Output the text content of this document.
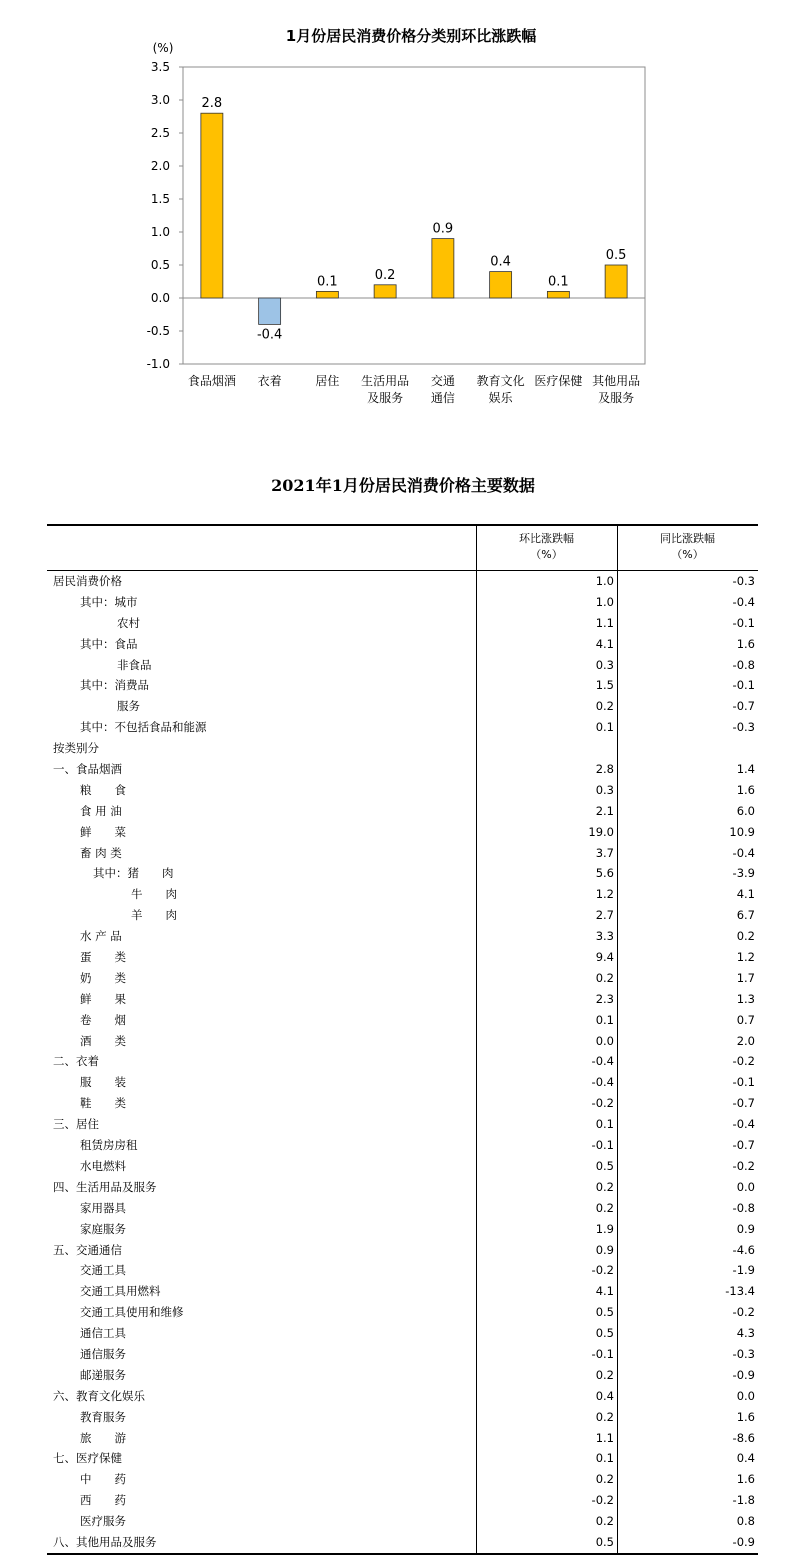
1月份居民消费价格分类别环比涨跌幅
(%)
3.5
3.0
2.5
2.0
1.5
1.0
0.5
0.0
-0.5
-1.0
2.8
食品烟酒
-0.4
衣着
0.1
居住
0.2
生活用品
及服务
0.9
交通
通信
0.4
教育文化
娱乐
0.1
医疗保健
0.5
其他用品
及服务
2021年1月份居民消费价格主要数据
环比涨跌幅
（%）
同比涨跌幅
（%）
居民消费价格	1.0	-0.3
其中：城市	1.0	-0.4
农村	1.1	-0.1
其中：食品	4.1	1.6
非食品	0.3	-0.8
其中：消费品	1.5	-0.1
服务	0.2	-0.7
其中：不包括食品和能源	0.1	-0.3
按类别分
一、食品烟酒	2.8	1.4
粮　　食	0.3	1.6
食 用 油	2.1	6.0
鲜　　菜	19.0	10.9
畜 肉 类	3.7	-0.4
其中：猪　　肉	5.6	-3.9
牛　　肉	1.2	4.1
羊　　肉	2.7	6.7
水 产 品	3.3	0.2
蛋　　类	9.4	1.2
奶　　类	0.2	1.7
鲜　　果	2.3	1.3
卷　　烟	0.1	0.7
酒　　类	0.0	2.0
二、衣着	-0.4	-0.2
服　　装	-0.4	-0.1
鞋　　类	-0.2	-0.7
三、居住	0.1	-0.4
租赁房房租	-0.1	-0.7
水电燃料	0.5	-0.2
四、生活用品及服务	0.2	0.0
家用器具	0.2	-0.8
家庭服务	1.9	0.9
五、交通通信	0.9	-4.6
交通工具	-0.2	-1.9
交通工具用燃料	4.1	-13.4
交通工具使用和维修	0.5	-0.2
通信工具	0.5	4.3
通信服务	-0.1	-0.3
邮递服务	0.2	-0.9
六、教育文化娱乐	0.4	0.0
教育服务	0.2	1.6
旅　　游	1.1	-8.6
七、医疗保健	0.1	0.4
中　　药	0.2	1.6
西　　药	-0.2	-1.8
医疗服务	0.2	0.8
八、其他用品及服务	0.5	-0.9
